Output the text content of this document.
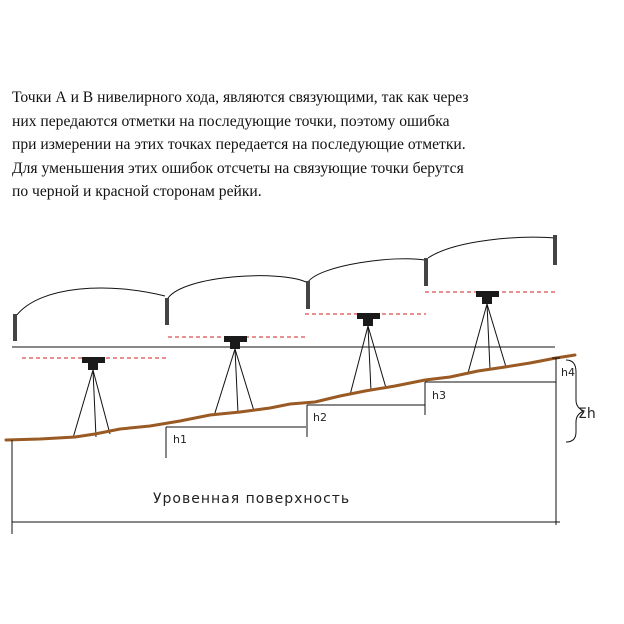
Точки А и В нивелирного хода, являются связующими, так как через
них передаются отметки на последующие точки, поэтому ошибка
при измерении на этих точках передается на последующие отметки.
Для уменьшения этих ошибок отсчеты на связующие точки берутся
по черной и красной сторонам рейки.
h1
h2
h3
h4
Σh
Уровенная поверхность
